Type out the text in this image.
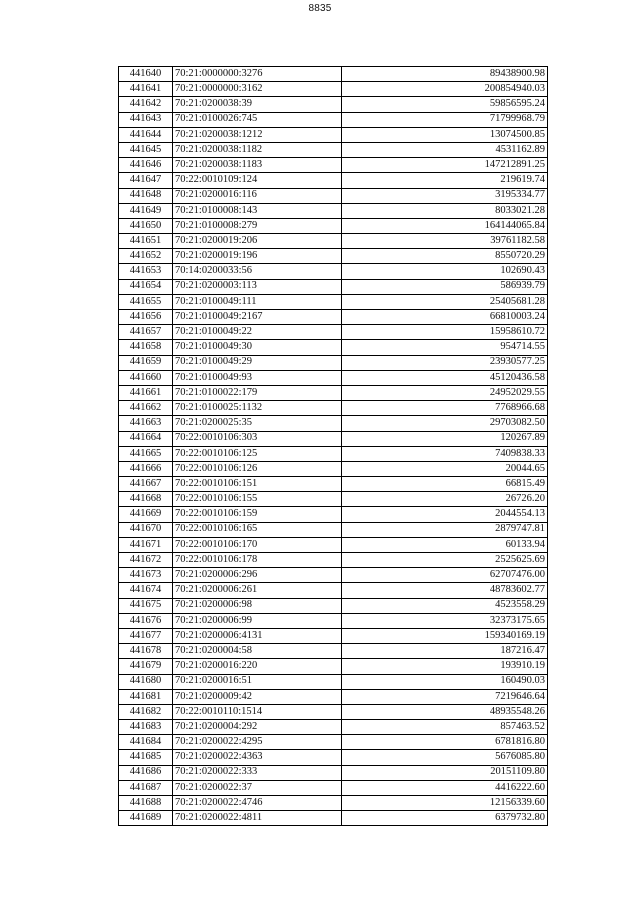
8835
441640	70:21:0000000:3276	89438900.98
441641	70:21:0000000:3162	200854940.03
441642	70:21:0200038:39	59856595.24
441643	70:21:0100026:745	71799968.79
441644	70:21:0200038:1212	13074500.85
441645	70:21:0200038:1182	4531162.89
441646	70:21:0200038:1183	147212891.25
441647	70:22:0010109:124	219619.74
441648	70:21:0200016:116	3195334.77
441649	70:21:0100008:143	8033021.28
441650	70:21:0100008:279	164144065.84
441651	70:21:0200019:206	39761182.58
441652	70:21:0200019:196	8550720.29
441653	70:14:0200033:56	102690.43
441654	70:21:0200003:113	586939.79
441655	70:21:0100049:111	25405681.28
441656	70:21:0100049:2167	66810003.24
441657	70:21:0100049:22	15958610.72
441658	70:21:0100049:30	954714.55
441659	70:21:0100049:29	23930577.25
441660	70:21:0100049:93	45120436.58
441661	70:21:0100022:179	24952029.55
441662	70:21:0100025:1132	7768966.68
441663	70:21:0200025:35	29703082.50
441664	70:22:0010106:303	120267.89
441665	70:22:0010106:125	7409838.33
441666	70:22:0010106:126	20044.65
441667	70:22:0010106:151	66815.49
441668	70:22:0010106:155	26726.20
441669	70:22:0010106:159	2044554.13
441670	70:22:0010106:165	2879747.81
441671	70:22:0010106:170	60133.94
441672	70:22:0010106:178	2525625.69
441673	70:21:0200006:296	62707476.00
441674	70:21:0200006:261	48783602.77
441675	70:21:0200006:98	4523558.29
441676	70:21:0200006:99	32373175.65
441677	70:21:0200006:4131	159340169.19
441678	70:21:0200004:58	187216.47
441679	70:21:0200016:220	193910.19
441680	70:21:0200016:51	160490.03
441681	70:21:0200009:42	7219646.64
441682	70:22:0010110:1514	48935548.26
441683	70:21:0200004:292	857463.52
441684	70:21:0200022:4295	6781816.80
441685	70:21:0200022:4363	5676085.80
441686	70:21:0200022:333	20151109.80
441687	70:21:0200022:37	4416222.60
441688	70:21:0200022:4746	12156339.60
441689	70:21:0200022:4811	6379732.80
